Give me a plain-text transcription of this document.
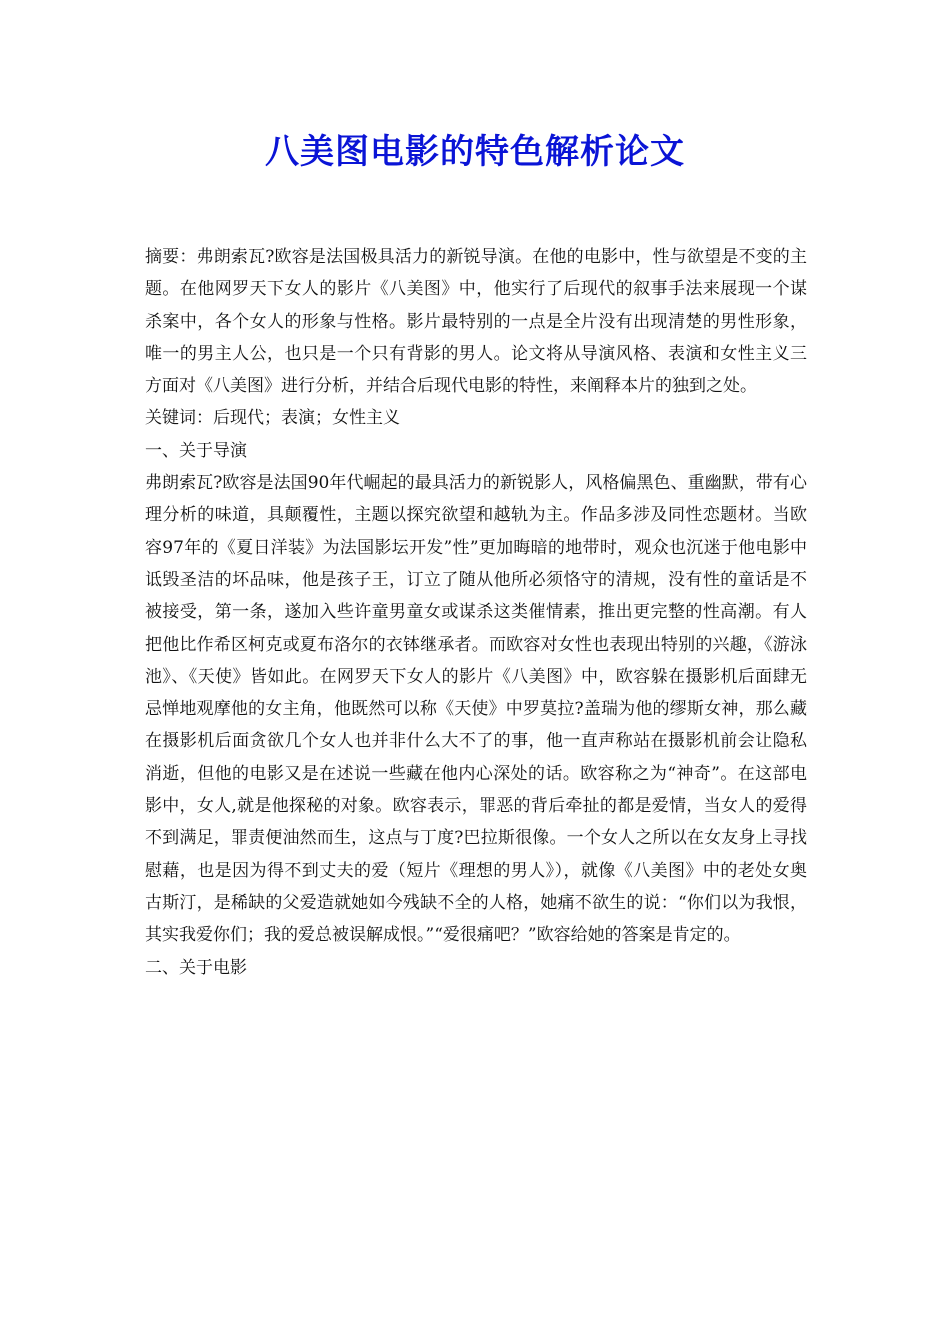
八美图电影的特色解析论文

摘要：弗朗索瓦?欧容是法国极具活力的新锐导演。在他的电影中，性与欲望是不变的主题。在他网罗天下女人的影片《八美图》中，他实行了后现代的叙事手法来展现一个谋杀案中，各个女人的形象与性格。影片最特别的一点是全片没有出现清楚的男性形象，唯一的男主人公，也只是一个只有背影的男人。论文将从导演风格、表演和女性主义三方面对《八美图》进行分析，并结合后现代电影的特性，来阐释本片的独到之处。

关键词：后现代；表演；女性主义

一、关于导演

弗朗索瓦?欧容是法国90年代崛起的最具活力的新锐影人，风格偏黑色、重幽默，带有心理分析的味道，具颠覆性，主题以探究欲望和越轨为主。作品多涉及同性恋题材。当欧容97年的《夏日洋装》为法国影坛开发”性”更加晦暗的地带时，观众也沉迷于他电影中诋毁圣洁的坏品味，他是孩子王，订立了随从他所必须恪守的清规，没有性的童话是不被接受，第一条，遂加入些许童男童女或谋杀这类催情素，推出更完整的性高潮。有人把他比作希区柯克或夏布洛尔的衣钵继承者。而欧容对女性也表现出特别的兴趣，《游泳池》、《天使》皆如此。在网罗天下女人的影片《八美图》中，欧容躲在摄影机后面肆无忌惮地观摩他的女主角，他既然可以称《天使》中罗莫拉?盖瑞为他的缪斯女神，那么藏在摄影机后面贪欲几个女人也并非什么大不了的事，他一直声称站在摄影机前会让隐私消逝，但他的电影又是在述说一些藏在他内心深处的话。欧容称之为“神奇”。在这部电影中，女人,就是他探秘的对象。欧容表示，罪恶的背后牵扯的都是爱情，当女人的爱得不到满足，罪责便油然而生，这点与丁度?巴拉斯很像。一个女人之所以在女友身上寻找慰藉，也是因为得不到丈夫的爱（短片《理想的男人》），就像《八美图》中的老处女奥古斯汀，是稀缺的父爱造就她如今残缺不全的人格，她痛不欲生的说：“你们以为我恨，其实我爱你们；我的爱总被误解成恨。”“爱很痛吧？”欧容给她的答案是肯定的。

二、关于电影
